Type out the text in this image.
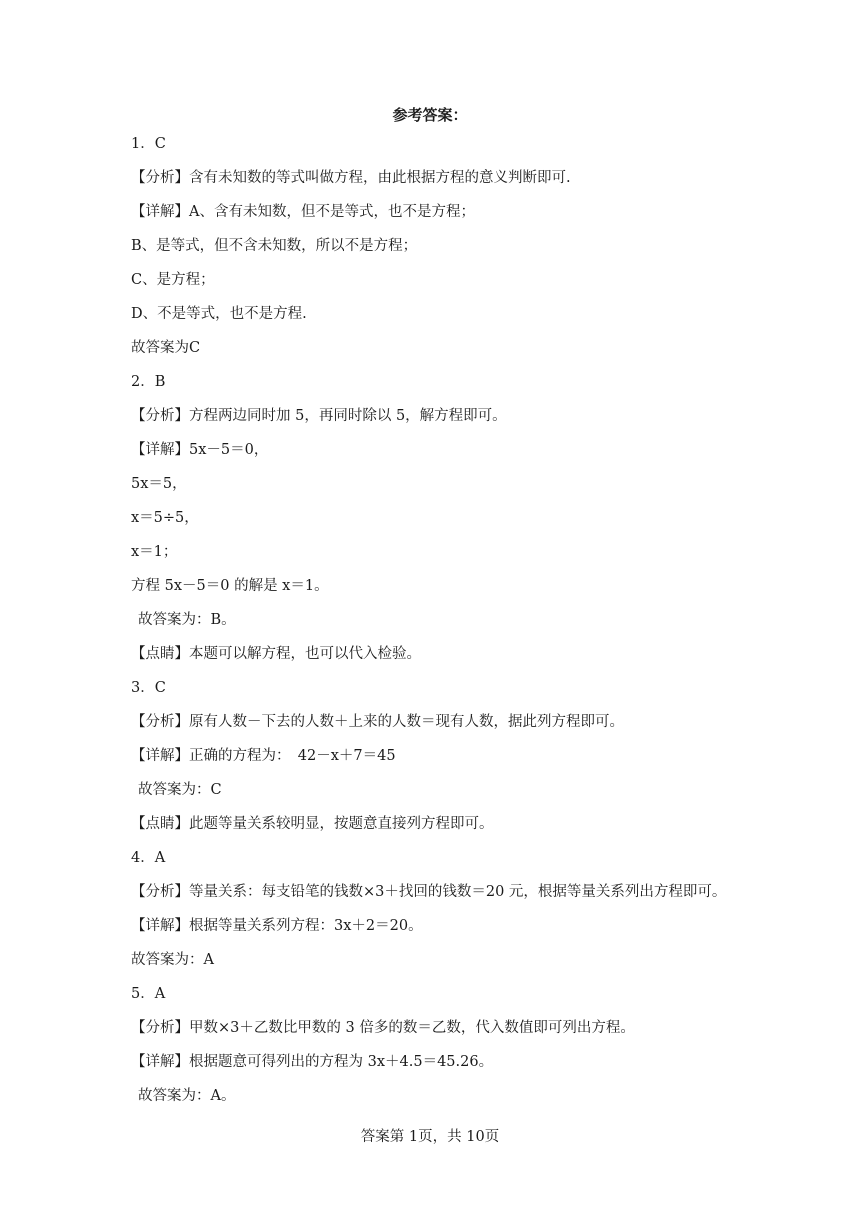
参考答案：
1．C
【分析】含有未知数的等式叫做方程，由此根据方程的意义判断即可.
【详解】A、含有未知数，但不是等式，也不是方程；
B、是等式，但不含未知数，所以不是方程；
C、是方程；
D、不是等式，也不是方程.
故答案为C
2．B
【分析】方程两边同时加 5，再同时除以 5，解方程即可。
【详解】5x－5＝0，
5x＝5，
x＝5÷5，
x＝1；
方程 5x－5＝0 的解是 x＝1。
故答案为：B。
【点睛】本题可以解方程，也可以代入检验。
3．C
【分析】原有人数－下去的人数＋上来的人数＝现有人数，据此列方程即可。
【详解】正确的方程为：　42－x＋7＝45
故答案为：C
【点睛】此题等量关系较明显，按题意直接列方程即可。
4．A
【分析】等量关系：每支铅笔的钱数×3＋找回的钱数＝20 元，根据等量关系列出方程即可。
【详解】根据等量关系列方程：3x＋2＝20。
故答案为：A
5．A
【分析】甲数×3＋乙数比甲数的 3 倍多的数＝乙数，代入数值即可列出方程。
【详解】根据题意可得列出的方程为 3x＋4.5＝45.26。
故答案为：A。
答案第 1页，共 10页
